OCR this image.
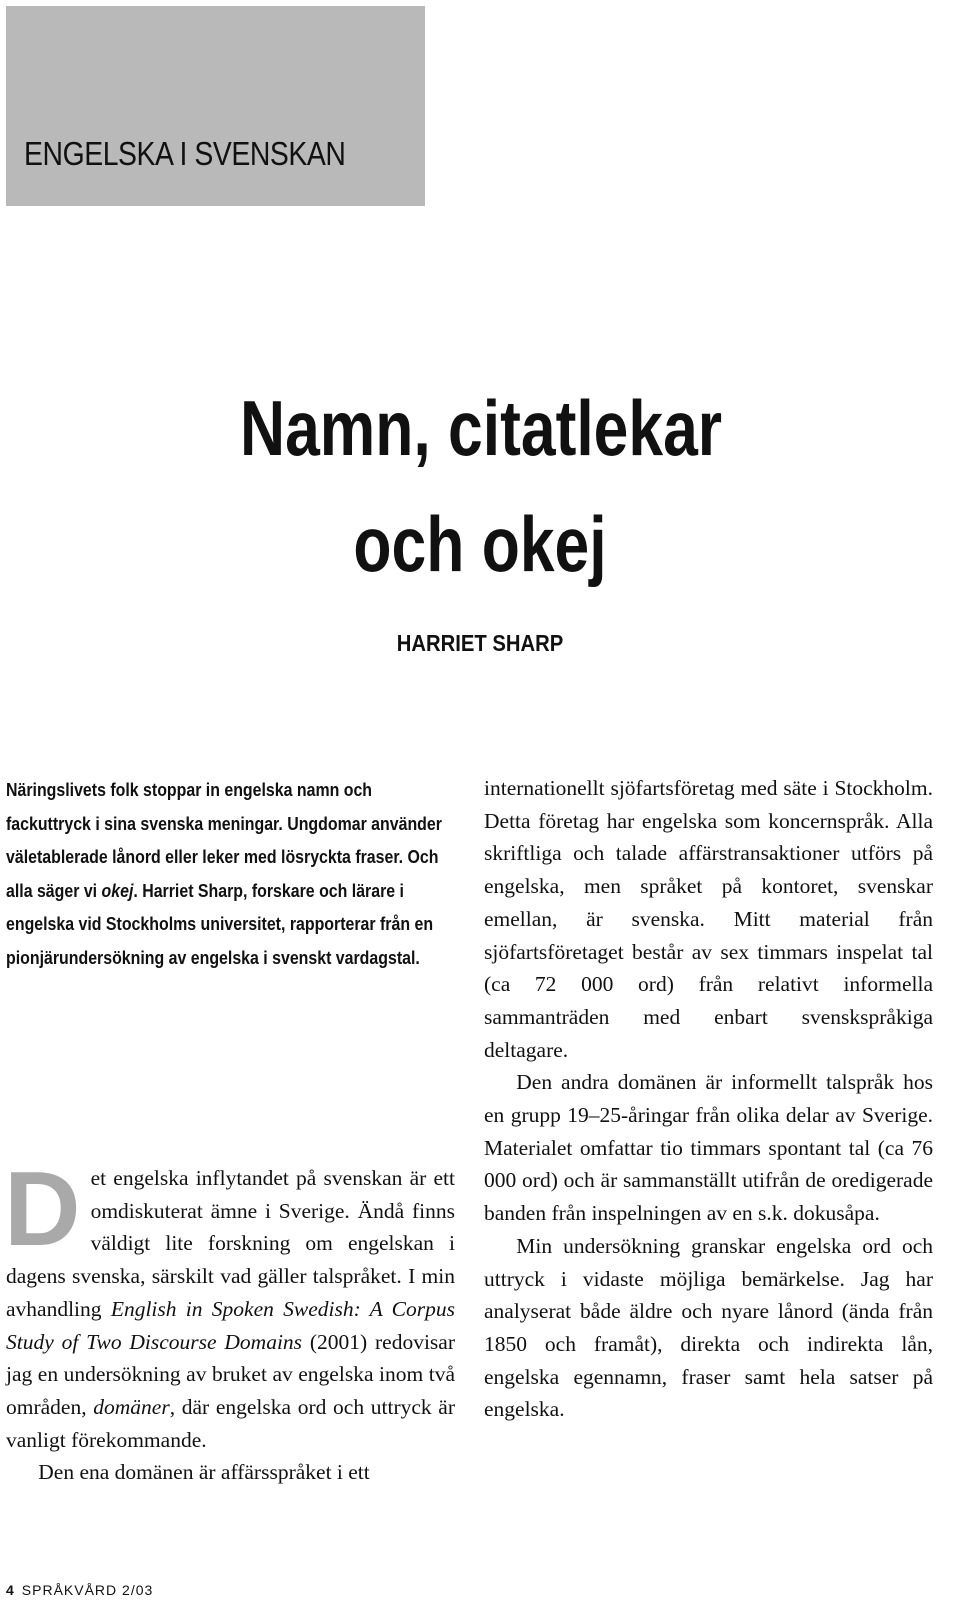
ENGELSKA I SVENSKAN
Namn, citatlekar
och okej

HARRIET SHARP

Näringslivets folk stoppar in engelska namn och fackuttryck i sina svenska meningar. Ungdomar använder väletablerade lånord eller leker med lösryckta fraser. Och alla säger vi okej. Harriet Sharp, forskare och lärare i engelska vid Stockholms universitet, rapporterar från en pionjärundersökning av engelska i svenskt vardagstal.

Det engelska inflytandet på svenskan är ett omdiskuterat ämne i Sverige. Ändå finns väldigt lite forskning om engelskan i dagens svenska, särskilt vad gäller talspråket. I min avhandling English in Spoken Swedish: A Corpus Study of Two Discourse Domains (2001) redovisar jag en undersökning av bruket av engelska inom två områden, domäner, där engelska ord och uttryck är vanligt förekommande.

Den ena domänen är affärsspråket i ett

internationellt sjöfartsföretag med säte i Stockholm. Detta företag har engelska som koncernspråk. Alla skriftliga och talade affärstransaktioner utförs på engelska, men språket på kontoret, svenskar emellan, är svenska. Mitt material från sjöfartsföretaget består av sex timmars inspelat tal (ca 72 000 ord) från relativt informella sammanträden med enbart svenskspråkiga deltagare.

Den andra domänen är informellt talspråk hos en grupp 19–25-åringar från olika delar av Sverige. Materialet omfattar tio timmars spontant tal (ca 76 000 ord) och är sammanställt utifrån de oredigerade banden från inspelningen av en s.k. dokusåpa.

Min undersökning granskar engelska ord och uttryck i vidaste möjliga bemärkelse. Jag har analyserat både äldre och nyare lånord (ända från 1850 och framåt), direkta och indirekta lån, engelska egennamn, fraser samt hela satser på engelska.

4 SPRÅKVÅRD 2/03
